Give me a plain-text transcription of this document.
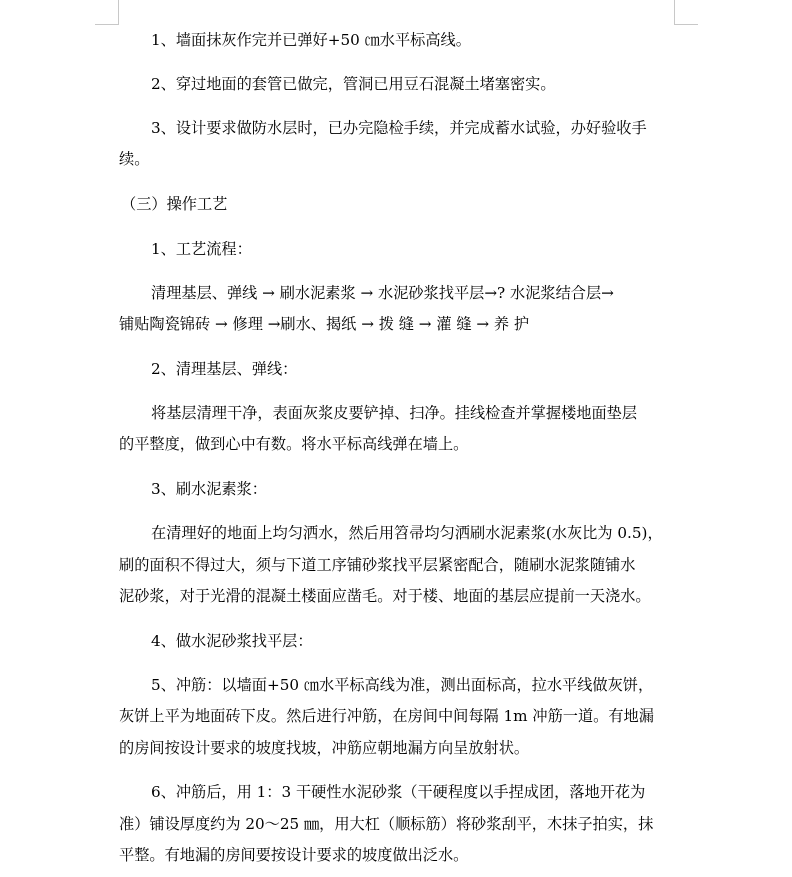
1、墙面抹灰作完并已弹好+50 ㎝水平标高线。

2、穿过地面的套管已做完，管洞已用豆石混凝土堵塞密实。

3、设计要求做防水层时，已办完隐检手续，并完成蓄水试验，办好验收手

续。

（三）操作工艺

1、工艺流程：

清理基层、弹线 → 刷水泥素浆 → 水泥砂浆找平层→? 水泥浆结合层→

铺贴陶瓷锦砖 → 修理 →刷水、揭纸 → 拨 缝 → 灌 缝 → 养 护

2、清理基层、弹线：

将基层清理干净，表面灰浆皮要铲掉、扫净。挂线检查并掌握楼地面垫层

的平整度，做到心中有数。将水平标高线弹在墙上。

3、刷水泥素浆：

在清理好的地面上均匀洒水，然后用笤帚均匀洒刷水泥素浆(水灰比为 0.5)，

刷的面积不得过大，须与下道工序铺砂浆找平层紧密配合，随刷水泥浆随铺水

泥砂浆，对于光滑的混凝土楼面应凿毛。对于楼、地面的基层应提前一天浇水。

4、做水泥砂浆找平层：

5、冲筋：以墙面+50 ㎝水平标高线为准，测出面标高，拉水平线做灰饼，

灰饼上平为地面砖下皮。然后进行冲筋，在房间中间每隔 1m 冲筋一道。有地漏

的房间按设计要求的坡度找坡，冲筋应朝地漏方向呈放射状。

6、冲筋后，用 1：3 干硬性水泥砂浆（干硬程度以手捏成团，落地开花为

准）铺设厚度约为 20～25 ㎜，用大杠（顺标筋）将砂浆刮平，木抹子拍实，抹

平整。有地漏的房间要按设计要求的坡度做出泛水。
